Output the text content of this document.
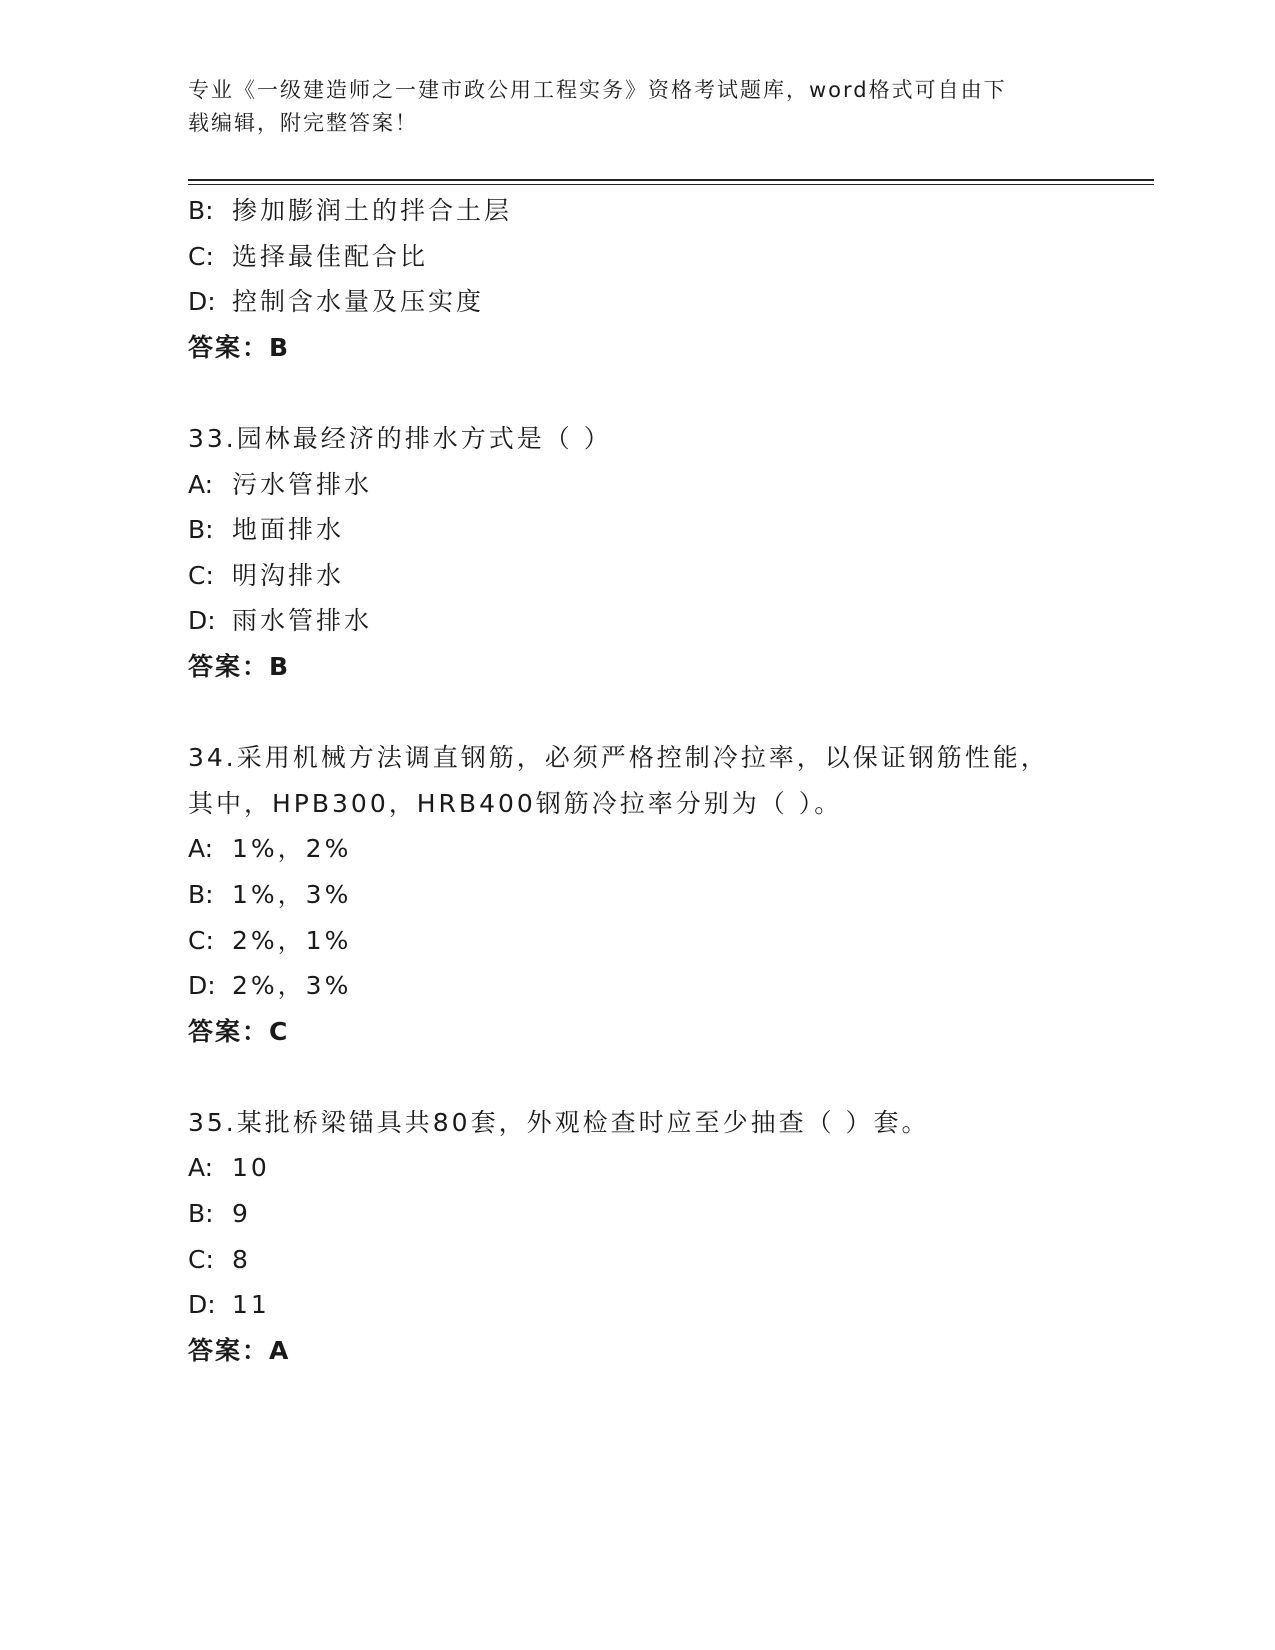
专业《一级建造师之一建市政公用工程实务》资格考试题库，word格式可自由下
载编辑，附完整答案！
B: 掺加膨润土的拌合土层
C: 选择最佳配合比
D: 控制含水量及压实度
答案：B
33.园林最经济的排水方式是（ ）
A: 污水管排水
B: 地面排水
C: 明沟排水
D: 雨水管排水
答案：B
34.采用机械方法调直钢筋，必须严格控制冷拉率，以保证钢筋性能，
其中，HPB300，HRB400钢筋冷拉率分别为（ ）。
A: 1%，2%
B: 1%，3%
C: 2%，1%
D: 2%，3%
答案：C
35.某批桥梁锚具共80套，外观检查时应至少抽查（ ）套。
A: 10
B: 9
C: 8
D: 11
答案：A
